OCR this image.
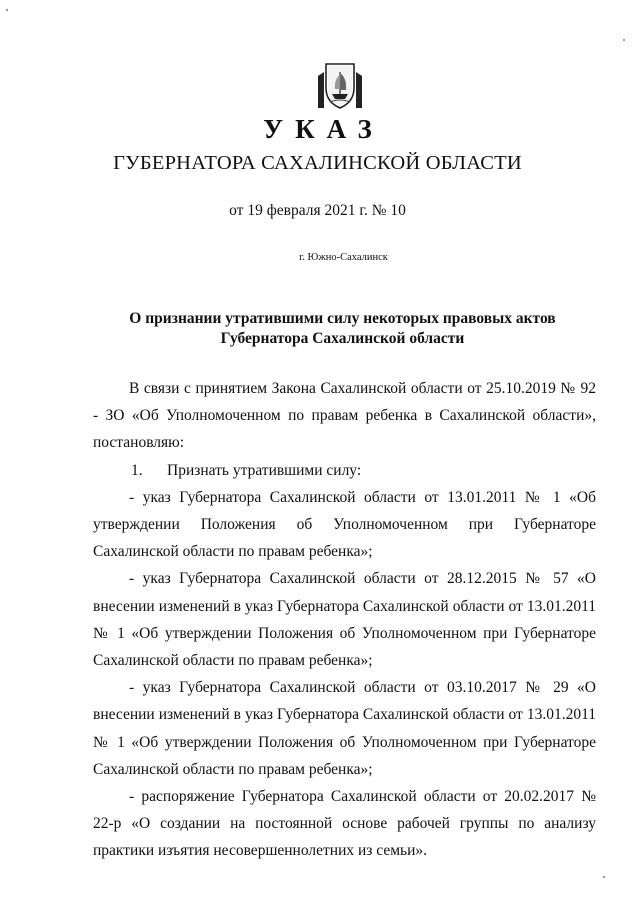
УКАЗ
ГУБЕРНАТОРА САХАЛИНСКОЙ ОБЛАСТИ
от 19 февраля 2021 г. № 10
г. Южно-Сахалинск
О признании утратившими силу некоторых правовых актов
Губернатора Сахалинской области

В связи с принятием Закона Сахалинской области от 25.10.2019 № 92 - ЗО «Об Уполномоченном по правам ребенка в Сахалинской области», постановляю:

1. Признать утратившими силу:

- указ Губернатора Сахалинской области от 13.01.2011 № 1 «Об утверждении Положения об Уполномоченном при Губернаторе Сахалинской области по правам ребенка»;

- указ Губернатора Сахалинской области от 28.12.2015 № 57 «О внесении изменений в указ Губернатора Сахалинской области от 13.01.2011 № 1 «Об утверждении Положения об Уполномоченном при Губернаторе Сахалинской области по правам ребенка»;

- указ Губернатора Сахалинской области от 03.10.2017 № 29 «О внесении изменений в указ Губернатора Сахалинской области от 13.01.2011 № 1 «Об утверждении Положения об Уполномоченном при Губернаторе Сахалинской области по правам ребенка»;

- распоряжение Губернатора Сахалинской области от 20.02.2017 № 22-р «О создании на постоянной основе рабочей группы по анализу практики изъятия несовершеннолетних из семьи».
